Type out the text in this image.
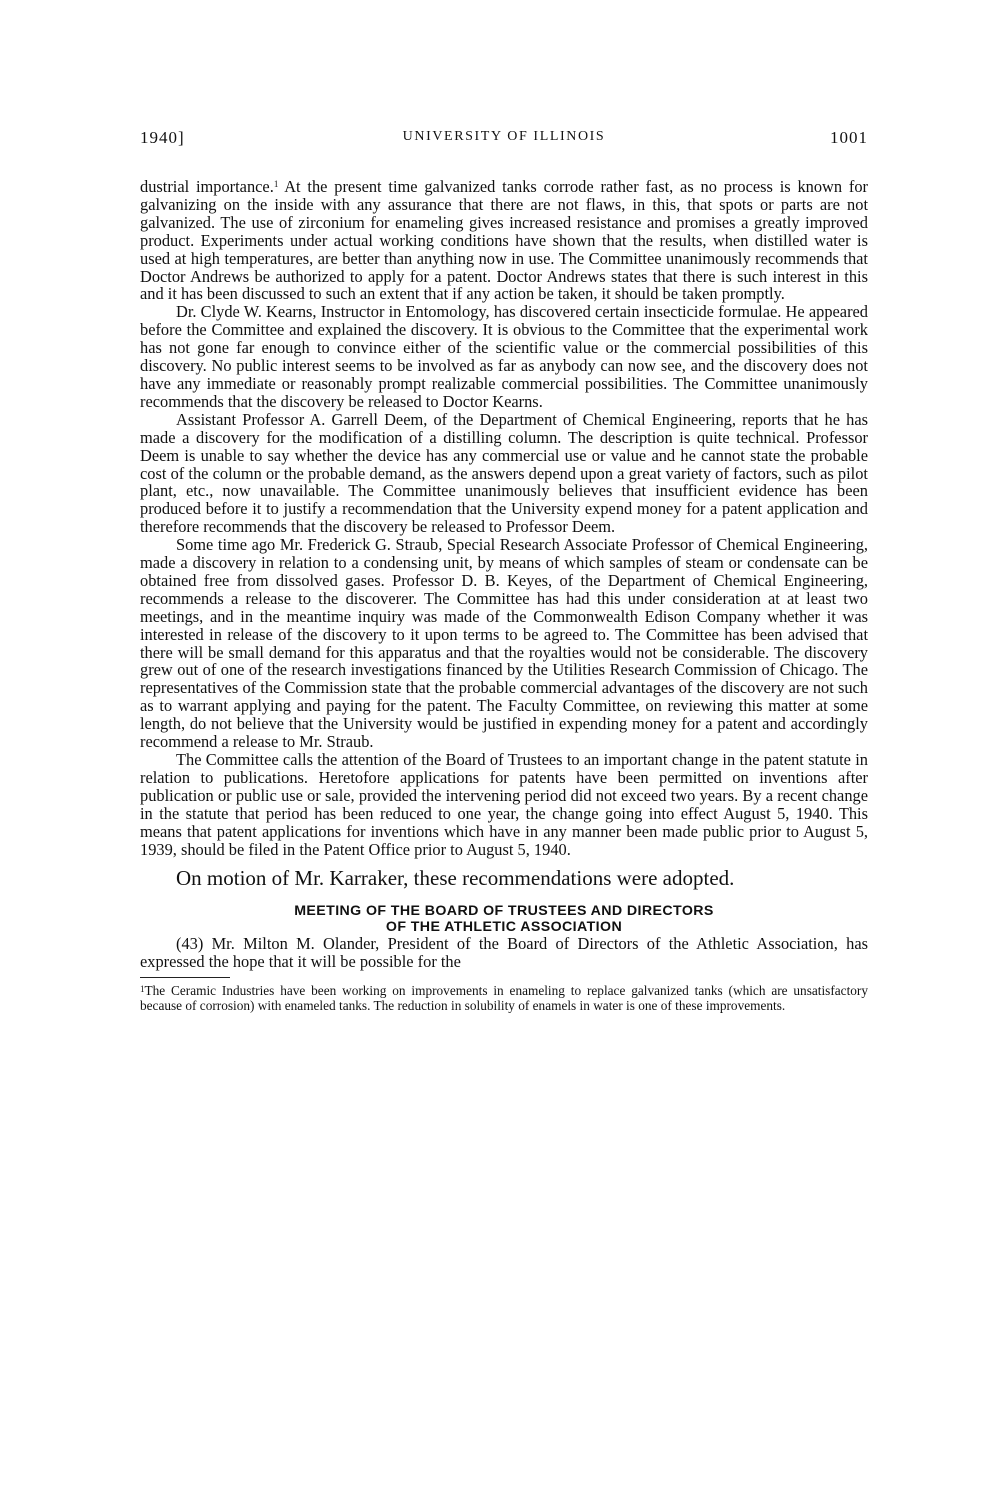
1940]	UNIVERSITY OF ILLINOIS	1001

dustrial importance.$^1$ At the present time galvanized tanks corrode rather fast, as no process is known for galvanizing on the inside with any assurance that there are not flaws, in this, that spots or parts are not galvanized. The use of zirconium for enameling gives increased resistance and promises a greatly improved product. Experiments under actual working conditions have shown that the results, when distilled water is used at high temperatures, are better than anything now in use. The Committee unanimously recommends that Doctor Andrews be authorized to apply for a patent. Doctor Andrews states that there is such interest in this and it has been discussed to such an extent that if any action be taken, it should be taken promptly.

Dr. Clyde W. Kearns, Instructor in Entomology, has discovered certain insecticide formulae. He appeared before the Committee and explained the discovery. It is obvious to the Committee that the experimental work has not gone far enough to convince either of the scientific value or the commercial possibilities of this discovery. No public interest seems to be involved as far as anybody can now see, and the discovery does not have any immediate or reasonably prompt realizable commercial possibilities. The Committee unanimously recommends that the discovery be released to Doctor Kearns.

Assistant Professor A. Garrell Deem, of the Department of Chemical Engineering, reports that he has made a discovery for the modification of a distilling column. The description is quite technical. Professor Deem is unable to say whether the device has any commercial use or value and he cannot state the probable cost of the column or the probable demand, as the answers depend upon a great variety of factors, such as pilot plant, etc., now unavailable. The Committee unanimously believes that insufficient evidence has been produced before it to justify a recommendation that the University expend money for a patent application and therefore recommends that the discovery be released to Professor Deem.

Some time ago Mr. Frederick G. Straub, Special Research Associate Professor of Chemical Engineering, made a discovery in relation to a condensing unit, by means of which samples of steam or condensate can be obtained free from dissolved gases. Professor D. B. Keyes, of the Department of Chemical Engineering, recommends a release to the discoverer. The Committee has had this under consideration at at least two meetings, and in the meantime inquiry was made of the Commonwealth Edison Company whether it was interested in release of the discovery to it upon terms to be agreed to. The Committee has been advised that there will be small demand for this apparatus and that the royalties would not be considerable. The discovery grew out of one of the research investigations financed by the Utilities Research Commission of Chicago. The representatives of the Commission state that the probable commercial advantages of the discovery are not such as to warrant applying and paying for the patent. The Faculty Committee, on reviewing this matter at some length, do not believe that the University would be justified in expending money for a patent and accordingly recommend a release to Mr. Straub.

The Committee calls the attention of the Board of Trustees to an important change in the patent statute in relation to publications. Heretofore applications for patents have been permitted on inventions after publication or public use or sale, provided the intervening period did not exceed two years. By a recent change in the statute that period has been reduced to one year, the change going into effect August 5, 1940. This means that patent applications for inventions which have in any manner been made public prior to August 5, 1939, should be filed in the Patent Office prior to August 5, 1940.

On motion of Mr. Karraker, these recommendations were adopted.
MEETING OF THE BOARD OF TRUSTEES AND DIRECTORS
OF THE ATHLETIC ASSOCIATION

(43) Mr. Milton M. Olander, President of the Board of Directors of the Athletic Association, has expressed the hope that it will be possible for the

$^1$The Ceramic Industries have been working on improvements in enameling to replace galvanized tanks (which are unsatisfactory because of corrosion) with enameled tanks. The reduction in solubility of enamels in water is one of these improvements.
